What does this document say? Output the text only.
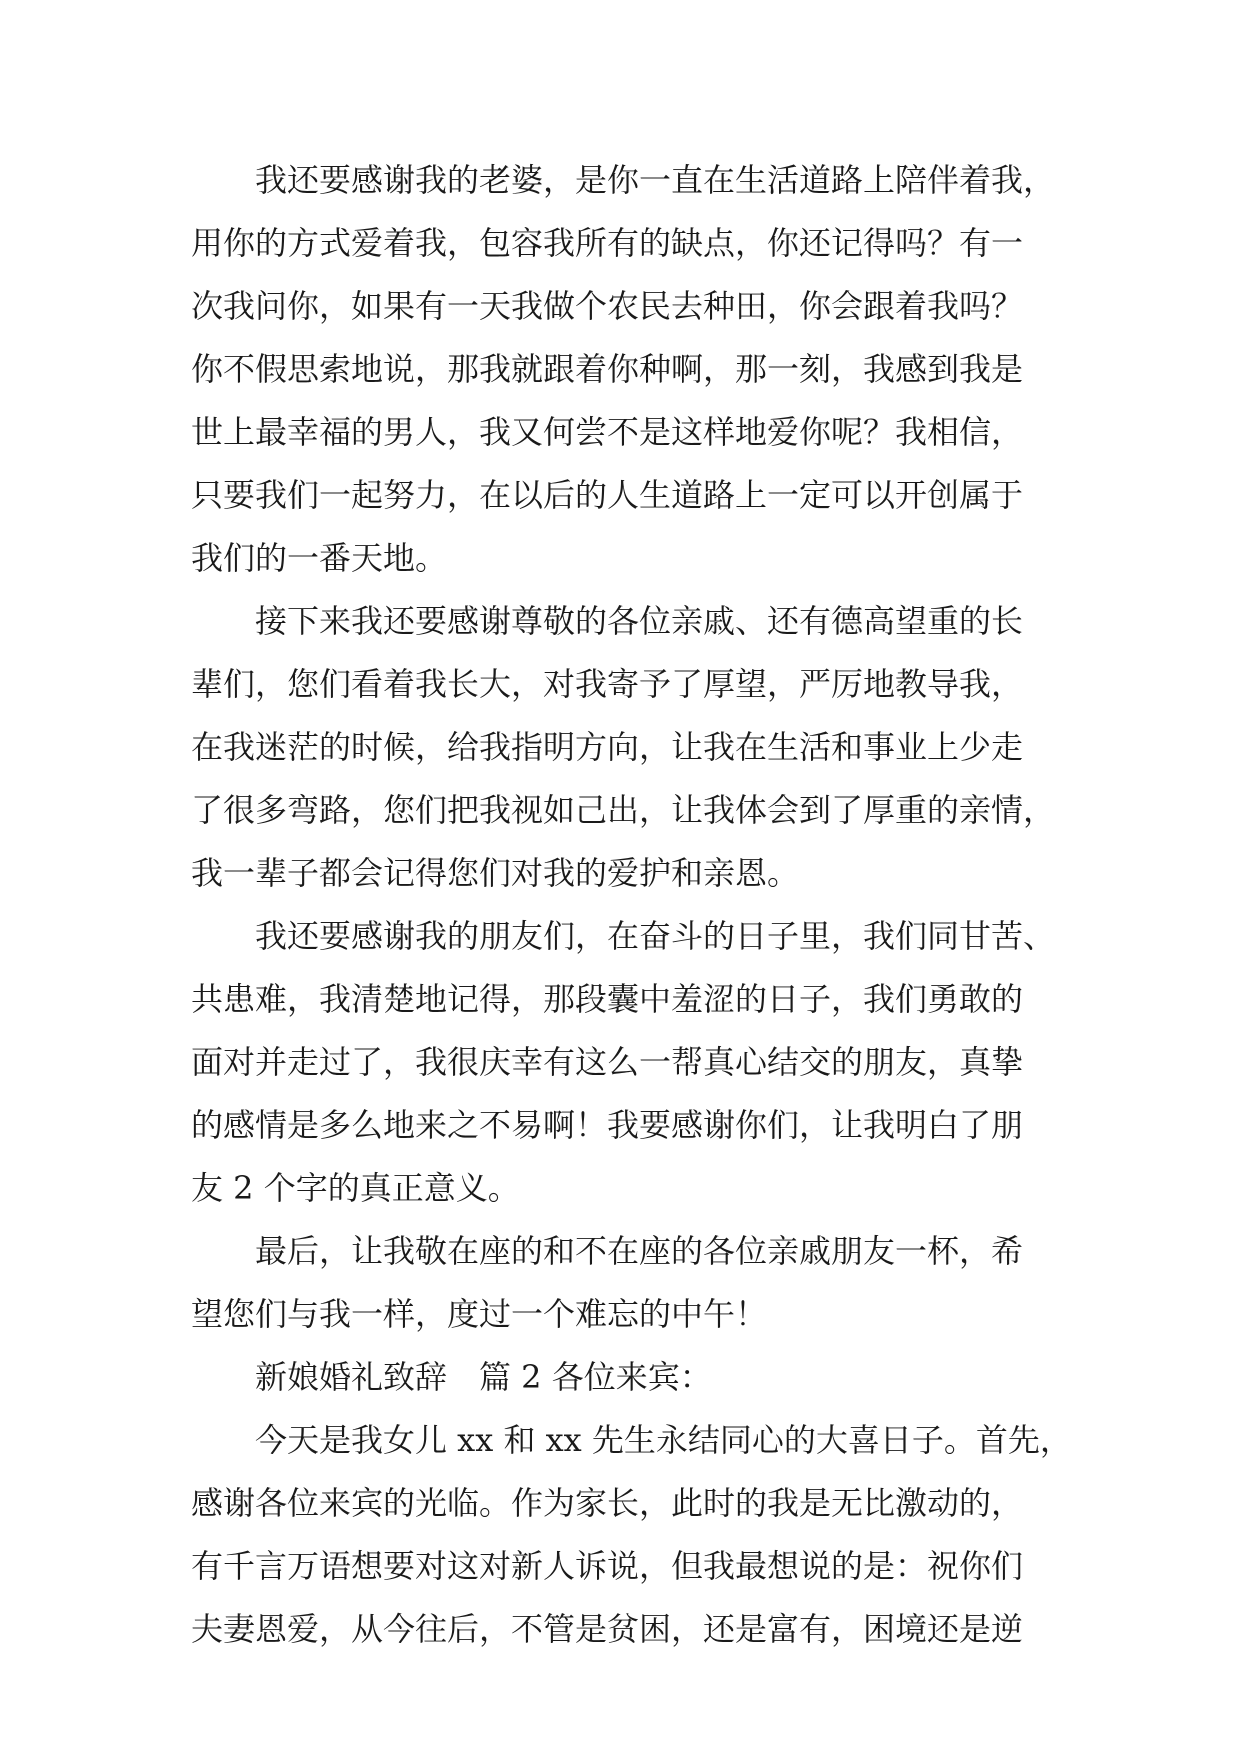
我还要感谢我的老婆，是你一直在生活道路上陪伴着我，
用你的方式爱着我，包容我所有的缺点，你还记得吗？有一
次我问你，如果有一天我做个农民去种田，你会跟着我吗？
你不假思索地说，那我就跟着你种啊，那一刻，我感到我是
世上最幸福的男人，我又何尝不是这样地爱你呢？我相信，
只要我们一起努力，在以后的人生道路上一定可以开创属于
我们的一番天地。
接下来我还要感谢尊敬的各位亲戚、还有德高望重的长
辈们，您们看着我长大，对我寄予了厚望，严厉地教导我，
在我迷茫的时候，给我指明方向，让我在生活和事业上少走
了很多弯路，您们把我视如己出，让我体会到了厚重的亲情，
我一辈子都会记得您们对我的爱护和亲恩。
我还要感谢我的朋友们，在奋斗的日子里，我们同甘苦、
共患难，我清楚地记得，那段囊中羞涩的日子，我们勇敢的
面对并走过了，我很庆幸有这么一帮真心结交的朋友，真挚
的感情是多么地来之不易啊！我要感谢你们，让我明白了朋
友 2 个字的真正意义。
最后，让我敬在座的和不在座的各位亲戚朋友一杯，希
望您们与我一样，度过一个难忘的中午！
新娘婚礼致辞　篇 2 各位来宾：
今天是我女儿 xx 和 xx 先生永结同心的大喜日子。首先，
感谢各位来宾的光临。作为家长，此时的我是无比激动的，
有千言万语想要对这对新人诉说，但我最想说的是：祝你们
夫妻恩爱，从今往后，不管是贫困，还是富有，困境还是逆
